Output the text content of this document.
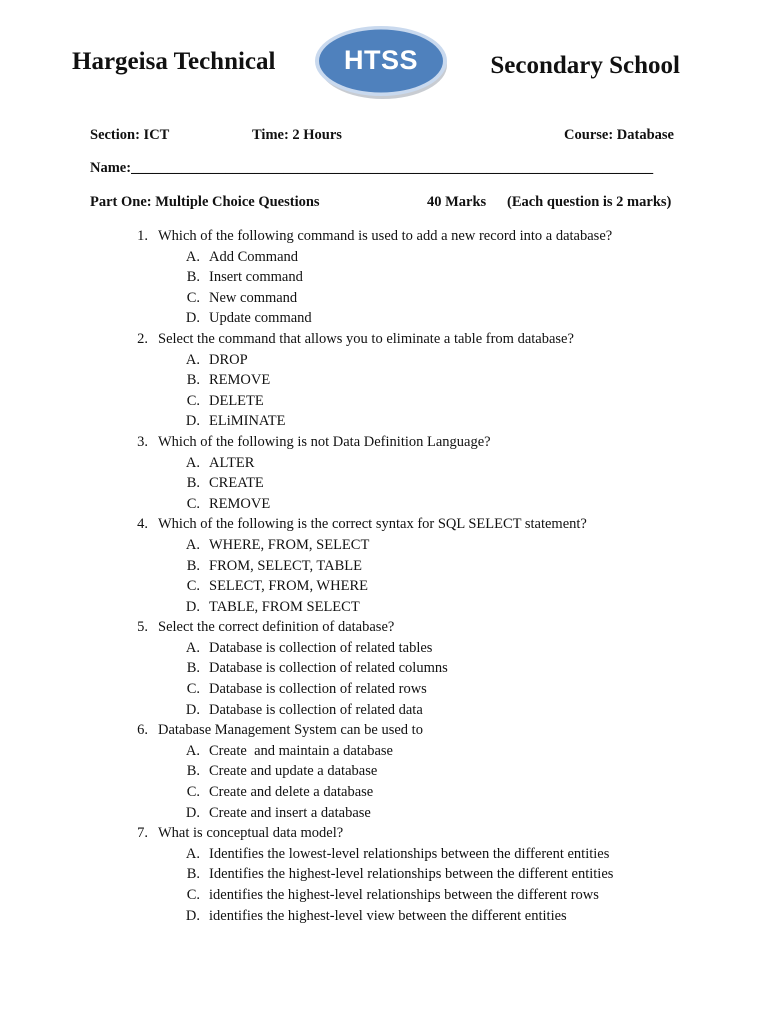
Hargeisa Technical	HTSS	Secondary School
Section: ICT	Time: 2 Hours	Course: Database
Name:________________________________________________________________________
Part One: Multiple Choice Questions	40 Marks (Each question is 2 marks)
1. Which of the following command is used to add a new record into a database?
A. Add Command
B. Insert command
C. New command
D. Update command
2. Select the command that allows you to eliminate a table from database?
A. DROP
B. REMOVE
C. DELETE
D. ELiMINATE
3. Which of the following is not Data Definition Language?
A. ALTER
B. CREATE
C. REMOVE
4. Which of the following is the correct syntax for SQL SELECT statement?
A. WHERE, FROM, SELECT
B. FROM, SELECT, TABLE
C. SELECT, FROM, WHERE
D. TABLE, FROM SELECT
5. Select the correct definition of database?
A. Database is collection of related tables
B. Database is collection of related columns
C. Database is collection of related rows
D. Database is collection of related data
6. Database Management System can be used to
A. Create  and maintain a database
B. Create and update a database
C. Create and delete a database
D. Create and insert a database
7. What is conceptual data model?
A. Identifies the lowest-level relationships between the different entities
B. Identifies the highest-level relationships between the different entities
C. identifies the highest-level relationships between the different rows
D. identifies the highest-level view between the different entities
